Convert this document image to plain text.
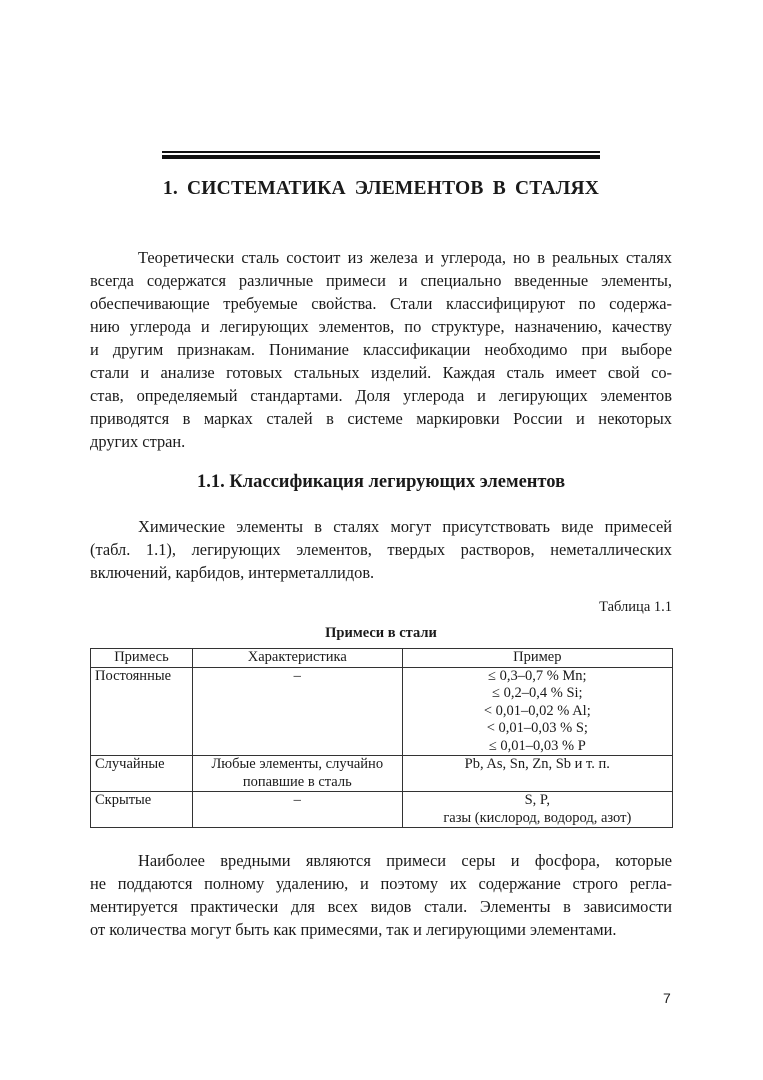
1. СИСТЕМАТИКА ЭЛЕМЕНТОВ В СТАЛЯХ
Теоретически сталь состоит из железа и углерода, но в реальных сталях
всегда содержатся различные примеси и специально введенные элементы,
обеспечивающие требуемые свойства. Стали классифицируют по содержа-
нию углерода и легирующих элементов, по структуре, назначению, качеству
и другим признакам. Понимание классификации необходимо при выборе
стали и анализе готовых стальных изделий. Каждая сталь имеет свой со-
став, определяемый стандартами. Доля углерода и легирующих элементов
приводятся в марках сталей в системе маркировки России и некоторых
других стран.
1.1. Классификация легирующих элементов
Химические элементы в сталях могут присутствовать виде примесей
(табл. 1.1), легирующих элементов, твердых растворов, неметаллических
включений, карбидов, интерметаллидов.
Таблица 1.1
Примеси в стали
Примесь	Характеристика	Пример
Постоянные	–	≤ 0,3–0,7 % Mn;
≤ 0,2–0,4 % Si;
< 0,01–0,02 % Al;
< 0,01–0,03 % S;
≤ 0,01–0,03 % P

Случайные	Любые элементы, случайно
попавшие в сталь	Pb, As, Sn, Zn, Sb и т. п.

Скрытые	–	S, P,
газы (кислород, водород, азот)
Наиболее вредными являются примеси серы и фосфора, которые
не поддаются полному удалению, и поэтому их содержание строго регла-
ментируется практически для всех видов стали. Элементы в зависимости
от количества могут быть как примесями, так и легирующими элементами.
7
